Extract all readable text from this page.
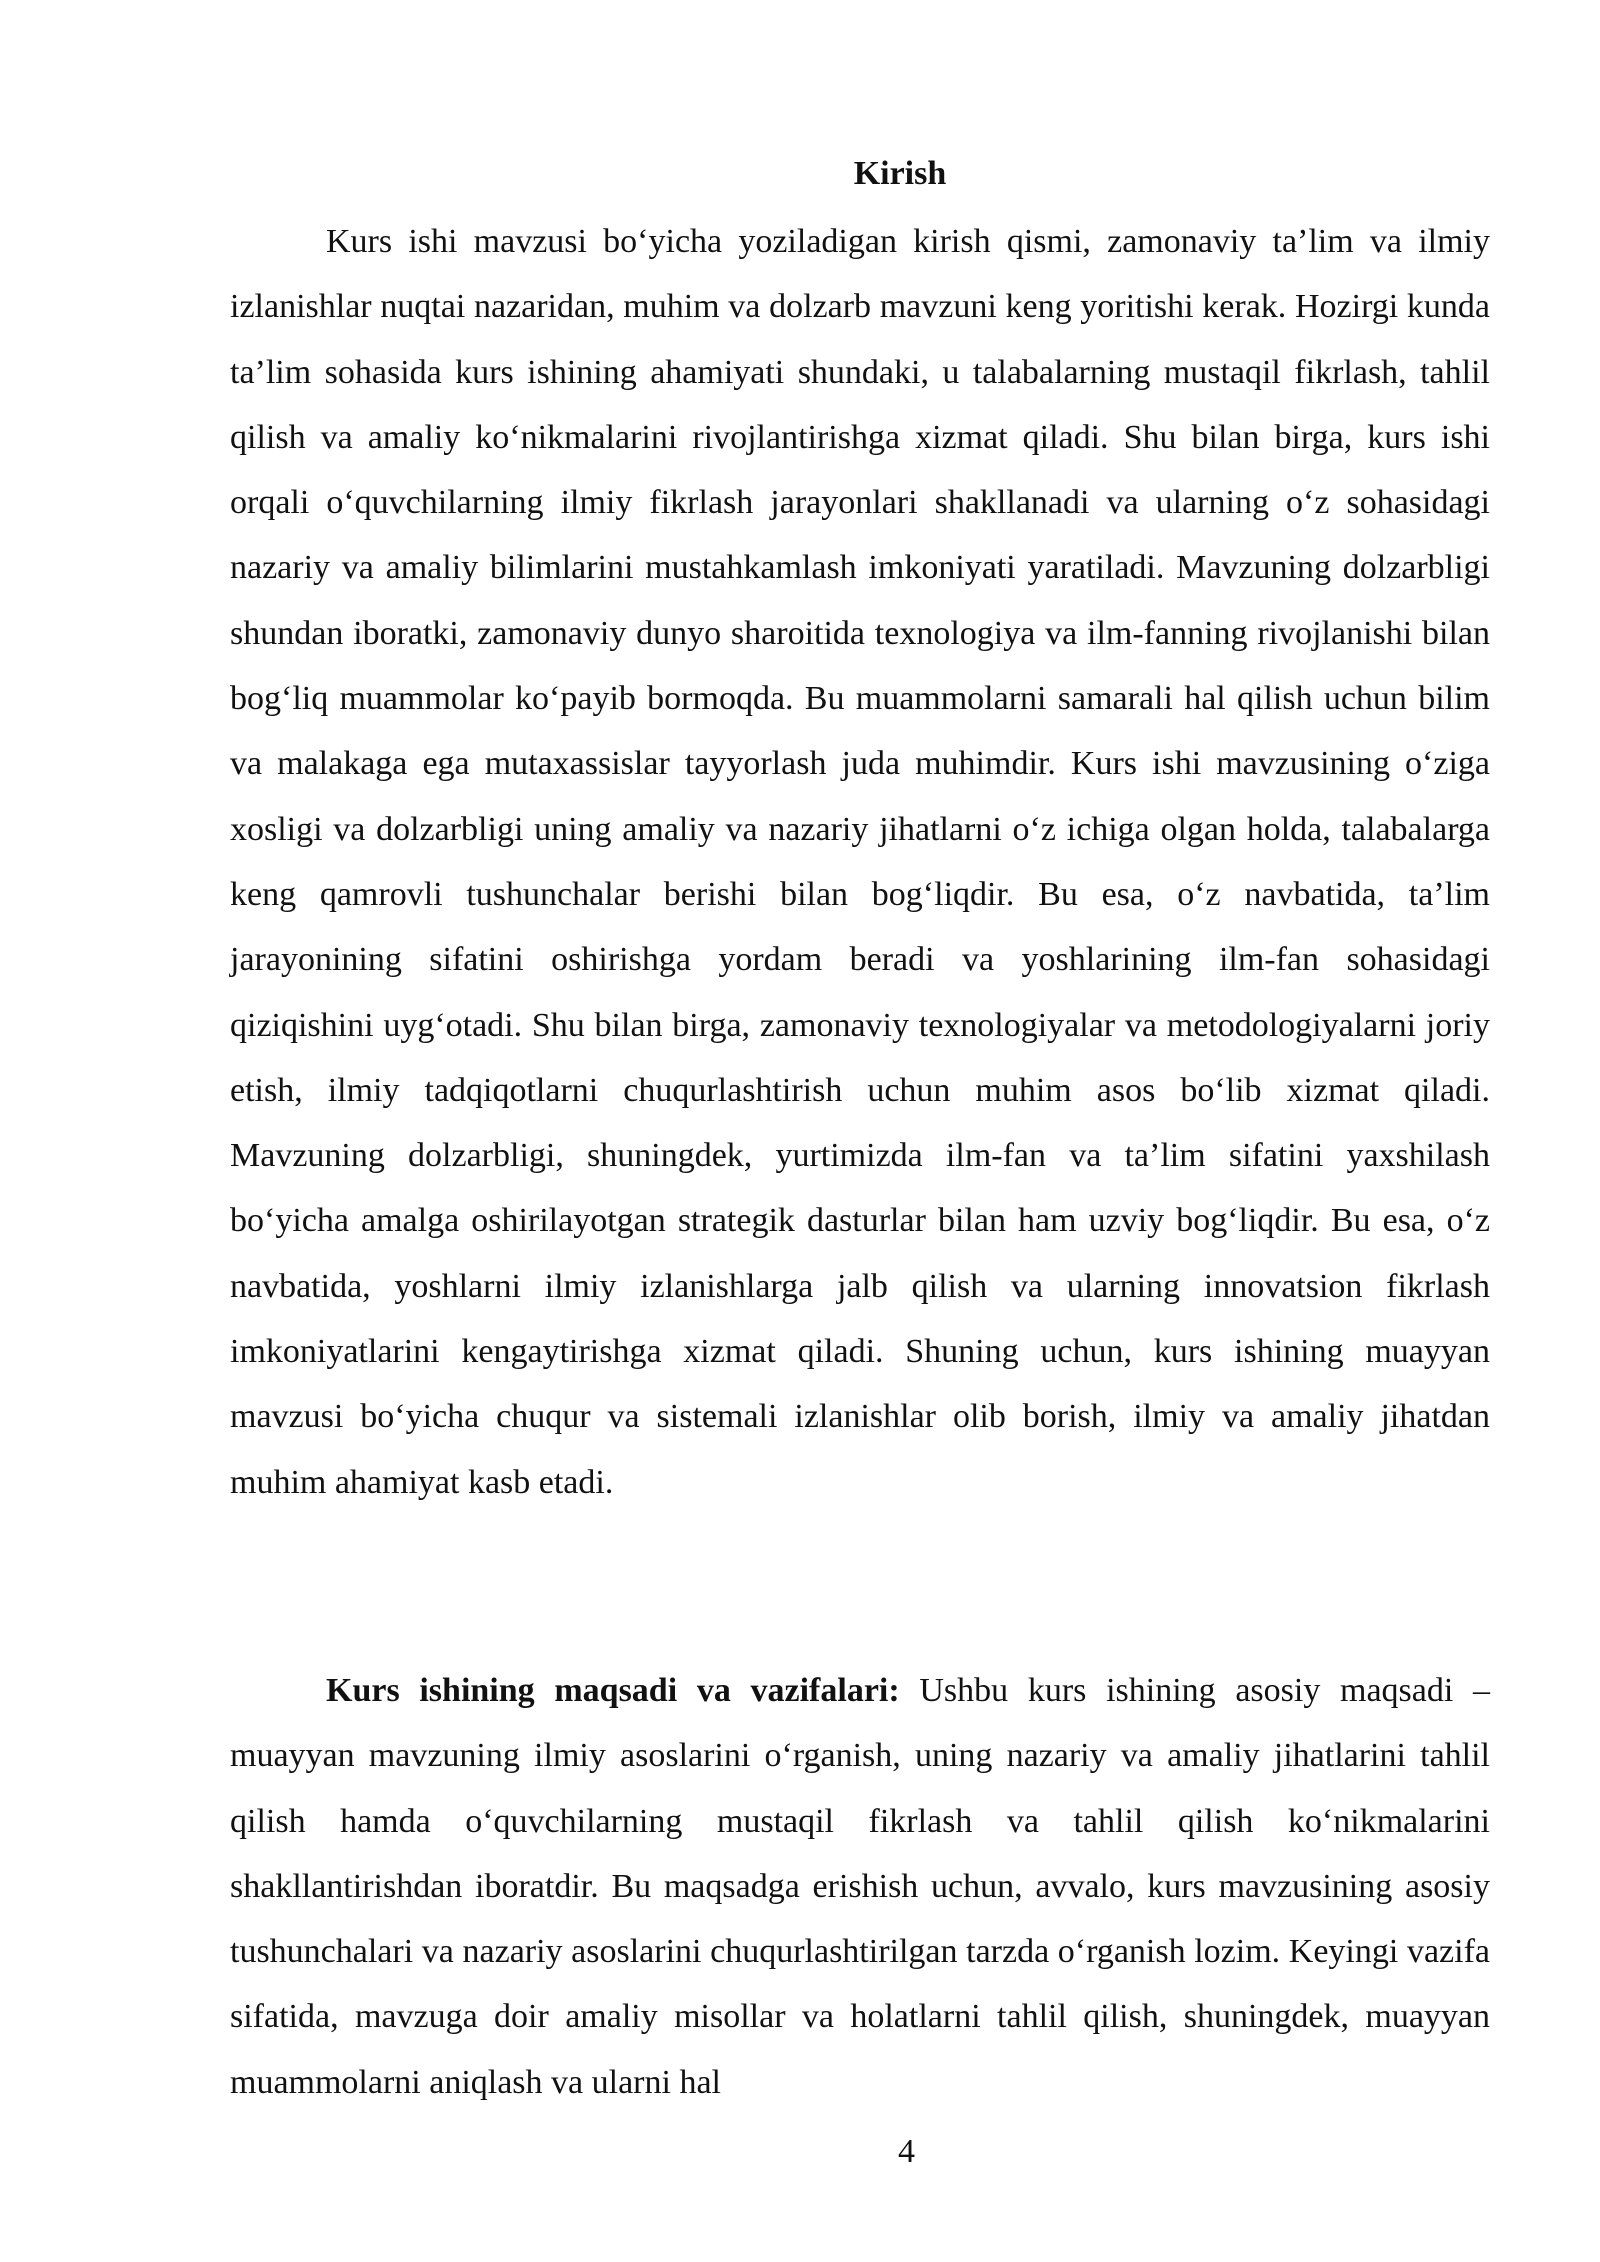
Kirish

Kurs ishi mavzusi bo‘yicha yoziladigan kirish qismi, zamonaviy ta’lim va ilmiy izlanishlar nuqtai nazaridan, muhim va dolzarb mavzuni keng yoritishi kerak. Hozirgi kunda ta’lim sohasida kurs ishining ahamiyati shundaki, u talabalarning mustaqil fikrlash, tahlil qilish va amaliy ko‘nikmalarini rivojlantirishga xizmat qiladi. Shu bilan birga, kurs ishi orqali o‘quvchilarning ilmiy fikrlash jarayonlari shakllanadi va ularning o‘z sohasidagi nazariy va amaliy bilimlarini mustahkamlash imkoniyati yaratiladi. Mavzuning dolzarbligi shundan iboratki, zamonaviy dunyo sharoitida texnologiya va ilm-fanning rivojlanishi bilan bog‘liq muammolar ko‘payib bormoqda. Bu muammolarni samarali hal qilish uchun bilim va malakaga ega mutaxassislar tayyorlash juda muhimdir. Kurs ishi mavzusining o‘ziga xosligi va dolzarbligi uning amaliy va nazariy jihatlarni o‘z ichiga olgan holda, talabalarga keng qamrovli tushunchalar berishi bilan bog‘liqdir. Bu esa, o‘z navbatida, ta’lim jarayonining sifatini oshirishga yordam beradi va yoshlarining ilm-fan sohasidagi qiziqishini uyg‘otadi. Shu bilan birga, zamonaviy texnologiyalar va metodologiyalarni joriy etish, ilmiy tadqiqotlarni chuqurlashtirish uchun muhim asos bo‘lib xizmat qiladi. Mavzuning dolzarbligi, shuningdek, yurtimizda ilm-fan va ta’lim sifatini yaxshilash bo‘yicha amalga oshirilayotgan strategik dasturlar bilan ham uzviy bog‘liqdir. Bu esa, o‘z navbatida, yoshlarni ilmiy izlanishlarga jalb qilish va ularning innovatsion fikrlash imkoniyatlarini kengaytirishga xizmat qiladi. Shuning uchun, kurs ishining muayyan mavzusi bo‘yicha chuqur va sistemali izlanishlar olib borish, ilmiy va amaliy jihatdan muhim ahamiyat kasb etadi.

Kurs ishining maqsadi va vazifalari: Ushbu kurs ishining asosiy maqsadi – muayyan mavzuning ilmiy asoslarini o‘rganish, uning nazariy va amaliy jihatlarini tahlil qilish hamda o‘quvchilarning mustaqil fikrlash va tahlil qilish ko‘nikmalarini shakllantirishdan iboratdir. Bu maqsadga erishish uchun, avvalo, kurs mavzusining asosiy tushunchalari va nazariy asoslarini chuqurlashtirilgan tarzda o‘rganish lozim. Keyingi vazifa sifatida, mavzuga doir amaliy misollar va holatlarni tahlil qilish, shuningdek, muayyan muammolarni aniqlash va ularni hal

4
